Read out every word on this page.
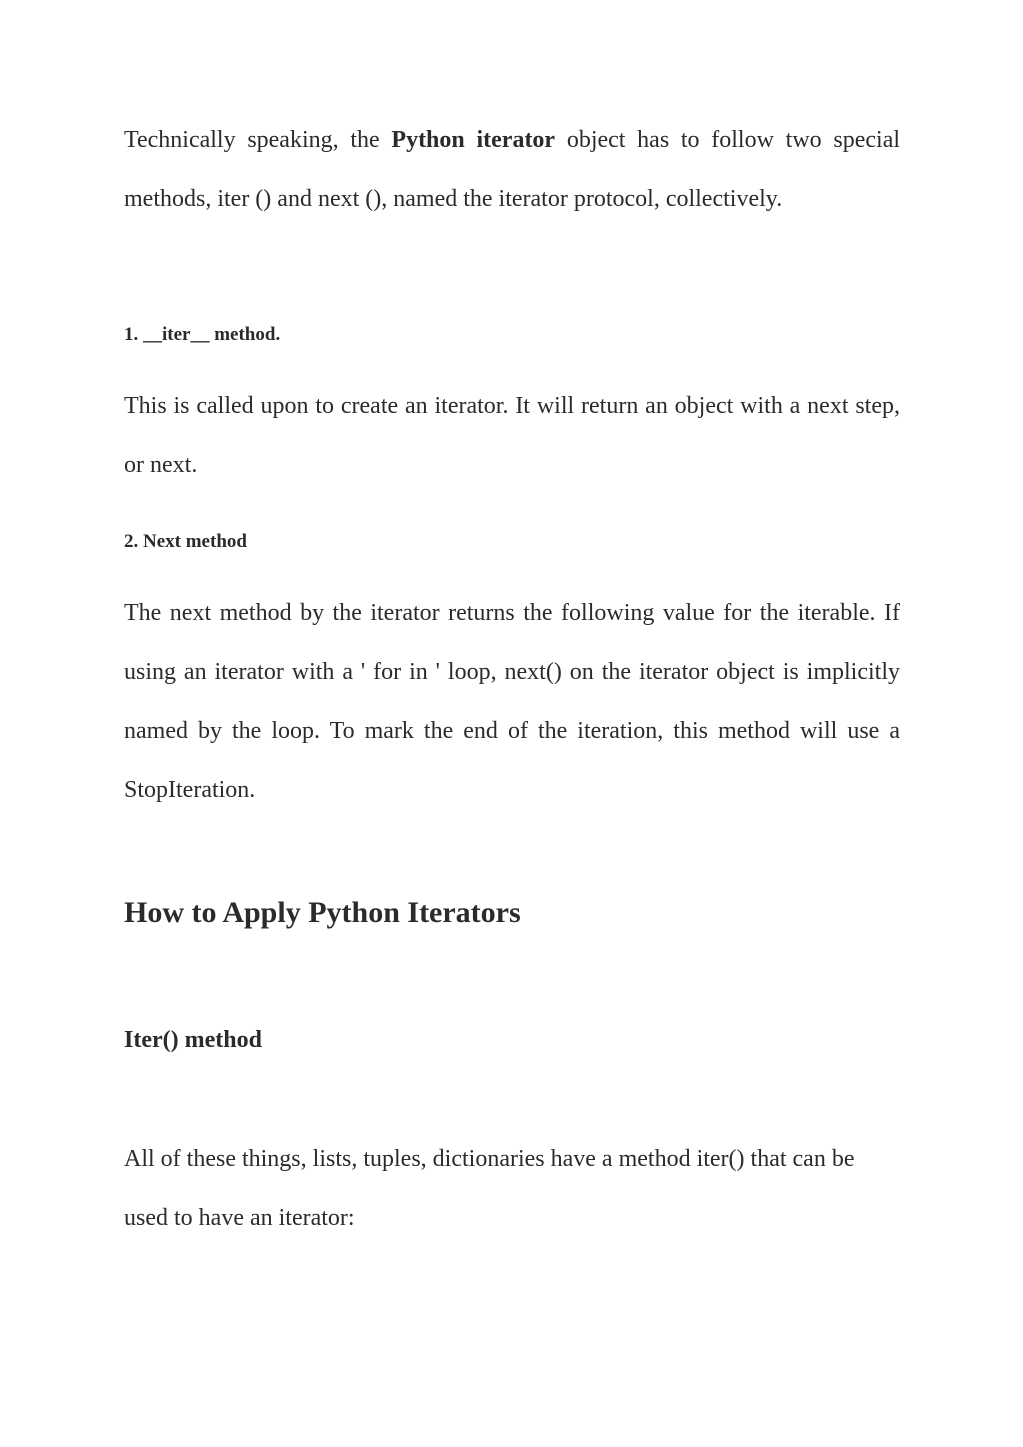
Technically speaking, the Python iterator object has to follow two special methods, iter () and next (), named the iterator protocol, collectively.

1. __iter__ method.

This is called upon to create an iterator. It will return an object with a next step, or next.

2. Next method

The next method by the iterator returns the following value for the iterable. If using an iterator with a ' for in ' loop, next() on the iterator object is implicitly named by the loop. To mark the end of the iteration, this method will use a StopIteration.

How to Apply Python Iterators
Iter() method

All of these things, lists, tuples, dictionaries have a method iter() that can be used to have an iterator:
